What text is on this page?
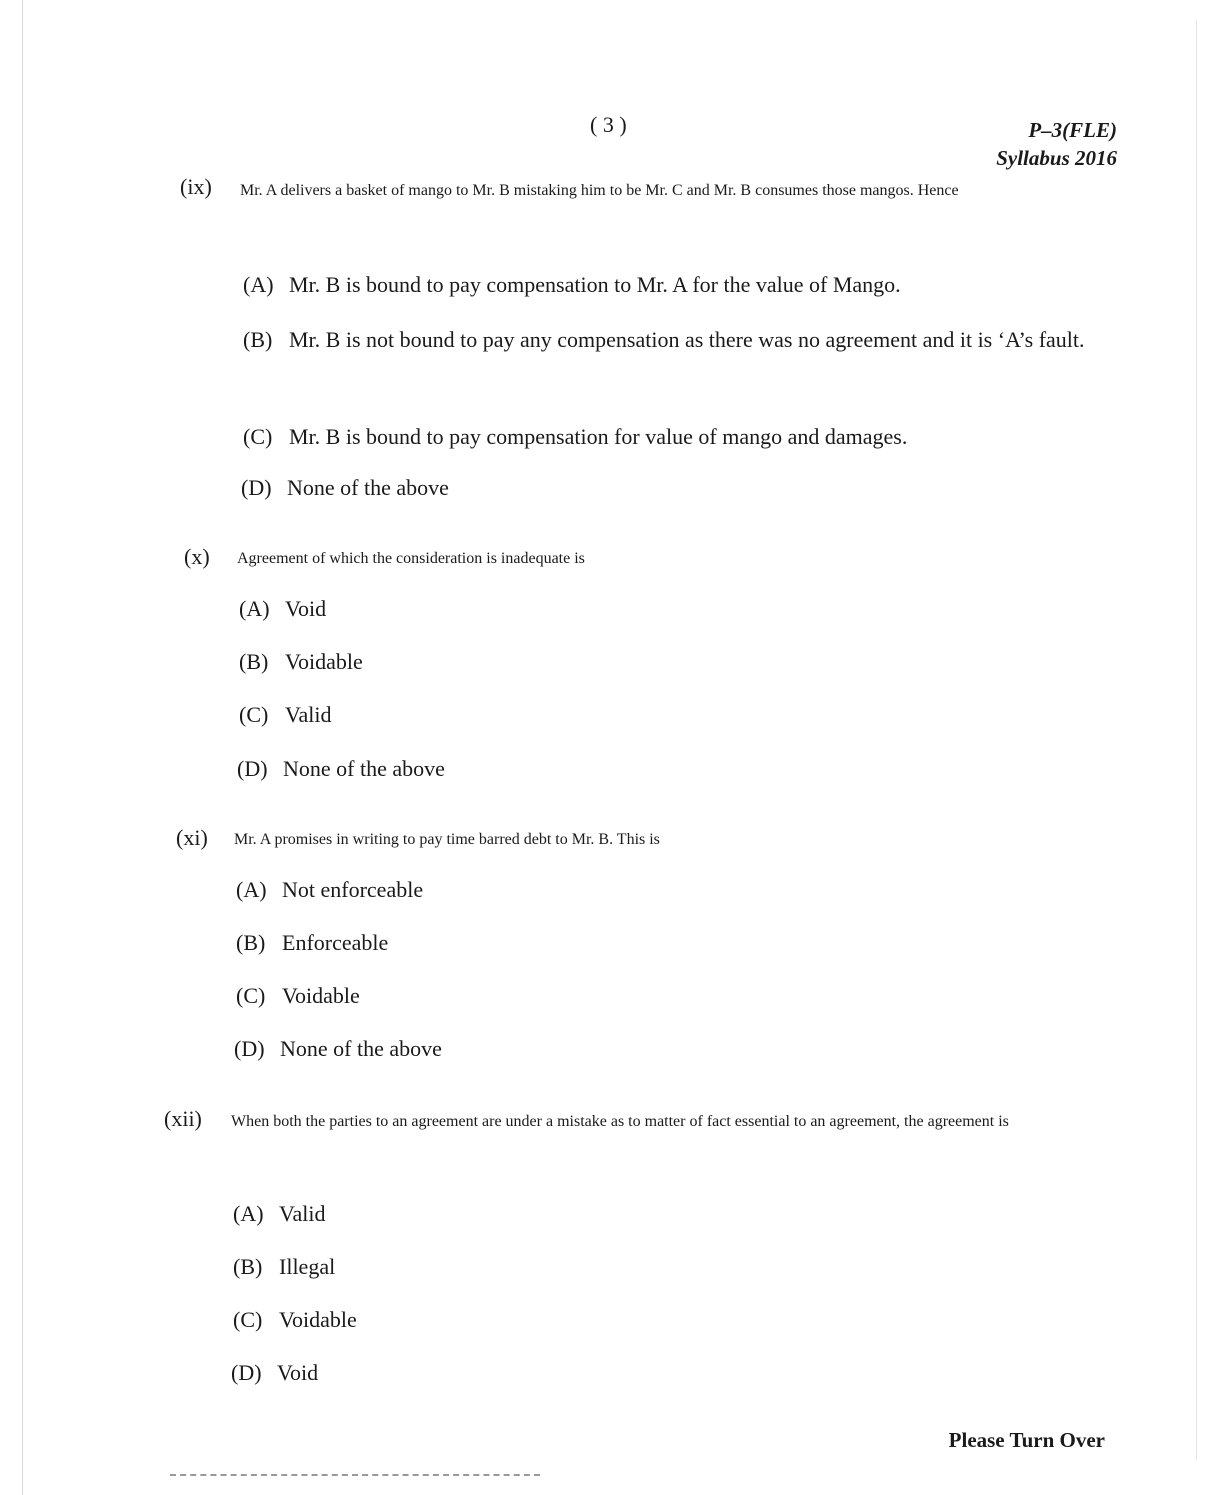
( 3 )	P–3(FLE)
Syllabus 2016
(ix) Mr. A delivers a basket of mango to Mr. B mistaking him to be Mr. C and Mr. B consumes those mangos. Hence
(A) Mr. B is bound to pay compensation to Mr. A for the value of Mango.
(B) Mr. B is not bound to pay any compensation as there was no agreement and it is ‘A’s fault.
(C) Mr. B is bound to pay compensation for value of mango and damages.
(D) None of the above
(x) Agreement of which the consideration is inadequate is
(A) Void
(B) Voidable
(C) Valid
(D) None of the above
(xi) Mr. A promises in writing to pay time barred debt to Mr. B. This is
(A) Not enforceable
(B) Enforceable
(C) Voidable
(D) None of the above
(xii) When both the parties to an agreement are under a mistake as to matter of fact essential to an agreement, the agreement is
(A) Valid
(B) Illegal
(C) Voidable
(D) Void
Please Turn Over
